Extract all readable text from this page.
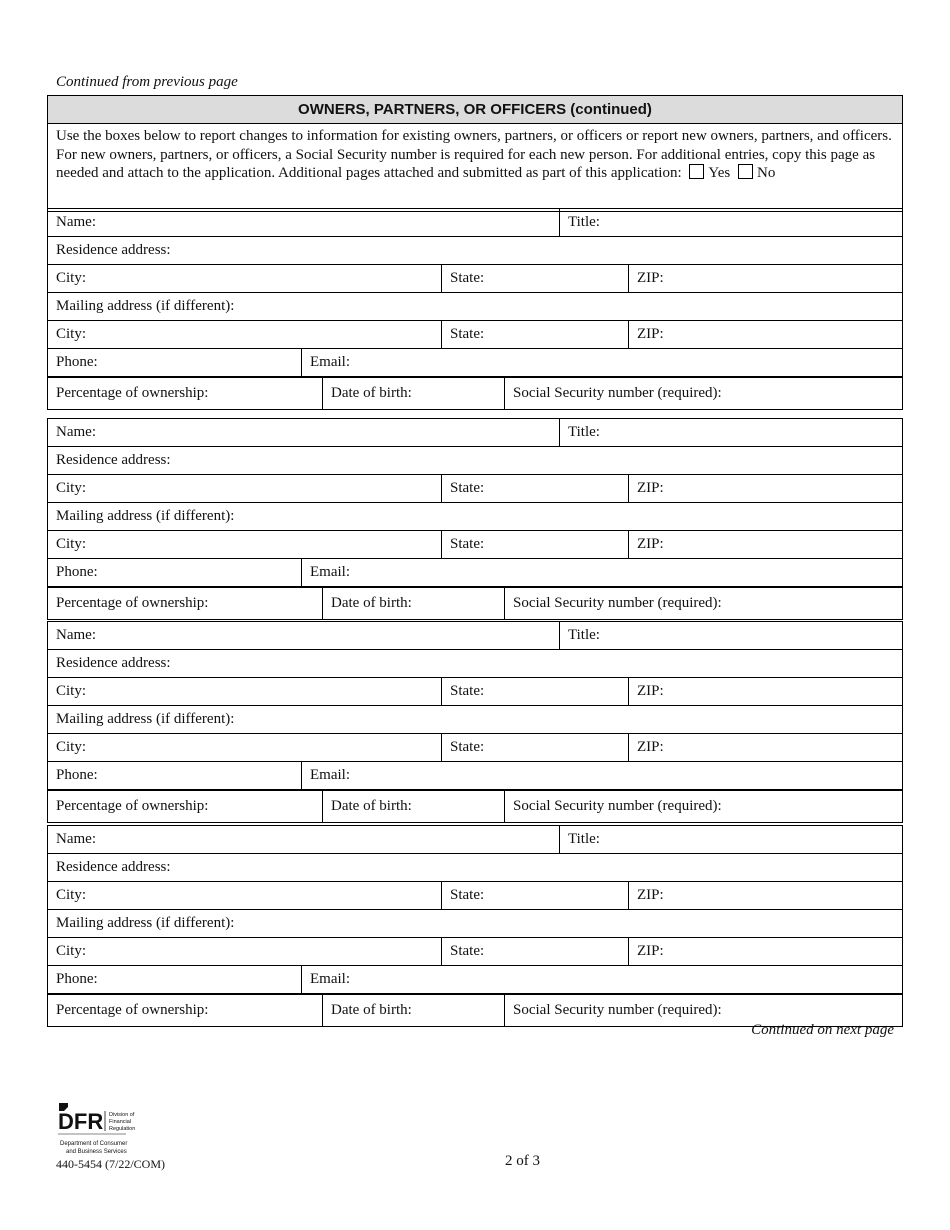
Continued from previous page
OWNERS, PARTNERS, OR OFFICERS (continued)
Use the boxes below to report changes to information for existing owners, partners, or officers or report new owners, partners, and officers. For new owners, partners, or officers, a Social Security number is required for each new person. For additional entries, copy this page as needed and attach to the application. Additional pages attached and submitted as part of this application: Yes No
Name:	Title:
Residence address:
City:	State:	ZIP:
Mailing address (if different):
City:	State:	ZIP:
Phone:	Email:
Percentage of ownership:	Date of birth:	Social Security number (required):
Name:	Title:
Residence address:
City:	State:	ZIP:
Mailing address (if different):
City:	State:	ZIP:
Phone:	Email:
Percentage of ownership:	Date of birth:	Social Security number (required):
Name:	Title:
Residence address:
City:	State:	ZIP:
Mailing address (if different):
City:	State:	ZIP:
Phone:	Email:
Percentage of ownership:	Date of birth:	Social Security number (required):
Name:	Title:
Residence address:
City:	State:	ZIP:
Mailing address (if different):
City:	State:	ZIP:
Phone:	Email:
Percentage of ownership:	Date of birth:	Social Security number (required):
Continued on next page
DFR Division of
Financial
Regulation
Department of Consumer
and Business Services
440-5454 (7/22/COM)	2 of 3
